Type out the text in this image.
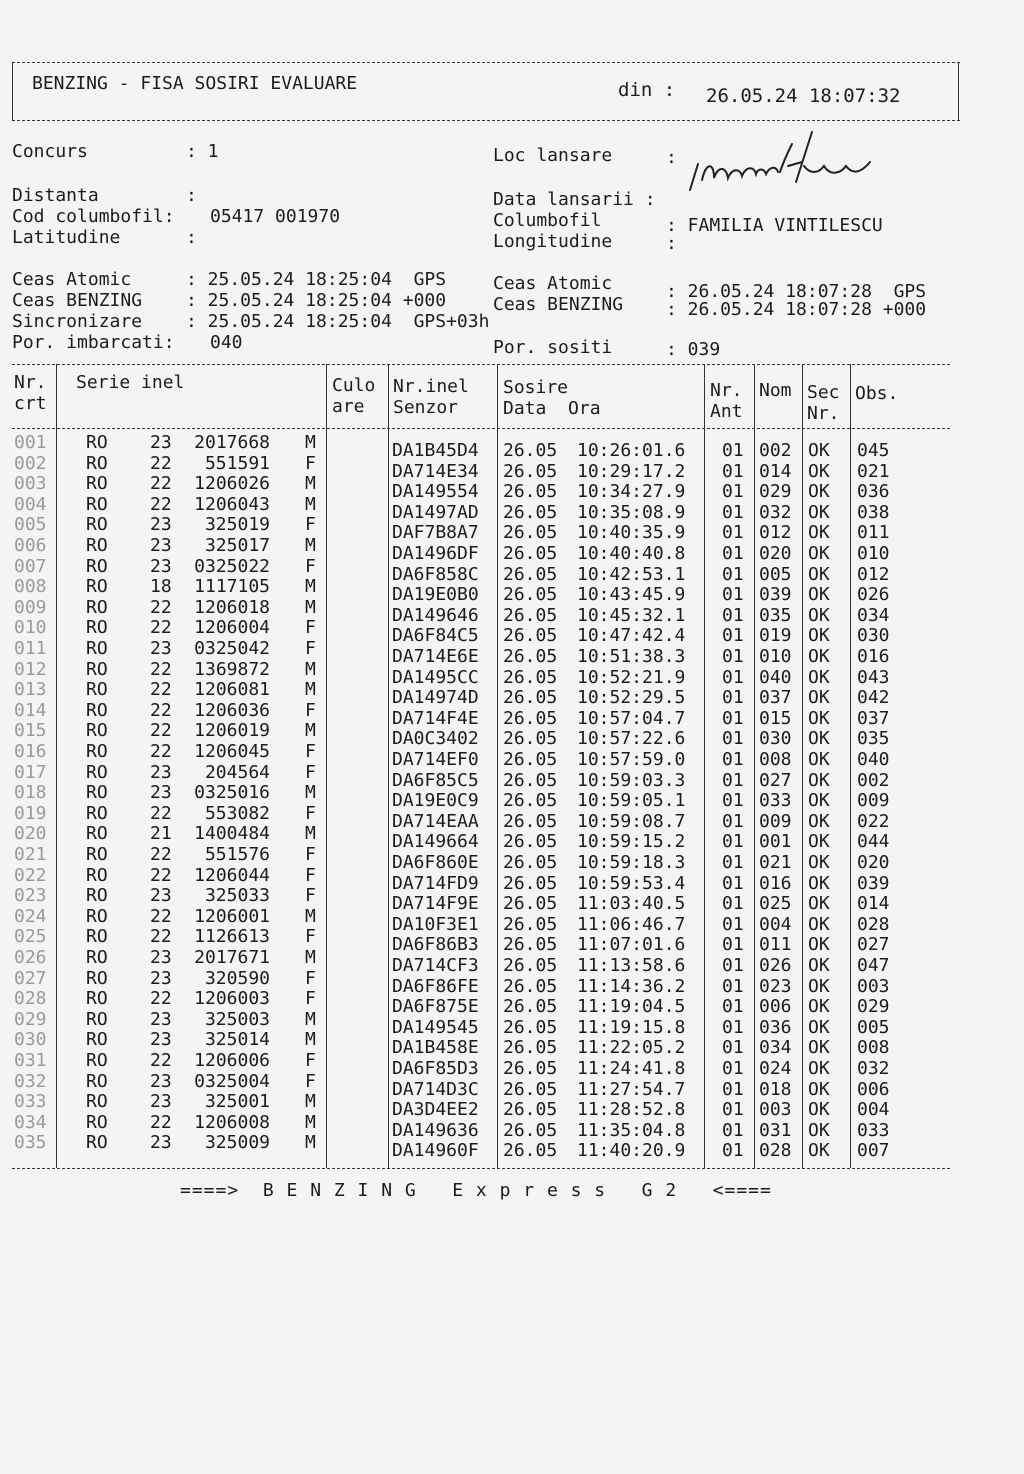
BENZING - FISA SOSIRI EVALUARE	din : 26.05.24 18:07:32
Concurs	: 1
Distanta	:
Cod columbofil: 05417 001970
Latitudine	:
Loc lansare	:
Data lansarii :
Columbofil	: FAMILIA VINTILESCU
Longitudine	:
Ceas Atomic	: 25.05.24 18:25:04  GPS
Ceas BENZING : 25.05.24 18:25:04 +000
Sincronizare : 25.05.24 18:25:04  GPS+03h
Por. imbarcati: 040
Ceas Atomic	: 26.05.24 18:07:28  GPS
Ceas BENZING : 26.05.24 18:07:28 +000
Por. sositi	: 039
Nr.
crt
Serie inel	Culo
are
Nr.inel
Senzor
Sosire
Data  Ora
Nr.
Ant
Nom Sec
Nr.
Obs.
001 RO 23	2017668 M	DA1B45D4 26.05 10:26:01.6 01 002 OK 045
002 RO 22	551591 F	DA714E34 26.05 10:29:17.2 01 014 OK 021
003 RO 22	1206026 M	DA149554 26.05 10:34:27.9 01 029 OK 036
004 RO 22	1206043 M	DA1497AD 26.05 10:35:08.9 01 032 OK 038
005 RO 23	325019 F	DAF7B8A7 26.05 10:40:35.9 01 012 OK 011
006 RO 23	325017 M	DA1496DF 26.05 10:40:40.8 01 020 OK 010
007 RO 23	0325022 F	DA6F858C 26.05 10:42:53.1 01 005 OK 012
008 RO 18	1117105 M	DA19E0B0 26.05 10:43:45.9 01 039 OK 026
009 RO 22	1206018 M	DA149646 26.05 10:45:32.1 01 035 OK 034
010 RO 22	1206004 F	DA6F84C5 26.05 10:47:42.4 01 019 OK 030
011 RO 23	0325042 F	DA714E6E 26.05 10:51:38.3 01 010 OK 016
012 RO 22	1369872 M	DA1495CC 26.05 10:52:21.9 01 040 OK 043
013 RO 22	1206081 M	DA14974D 26.05 10:52:29.5 01 037 OK 042
014 RO 22	1206036 F	DA714F4E 26.05 10:57:04.7 01 015 OK 037
015 RO 22	1206019 M	DA0C3402 26.05 10:57:22.6 01 030 OK 035
016 RO 22	1206045 F	DA714EF0 26.05 10:57:59.0 01 008 OK 040
017 RO 23	204564 F	DA6F85C5 26.05 10:59:03.3 01 027 OK 002
018 RO 23	0325016 M	DA19E0C9 26.05 10:59:05.1 01 033 OK 009
019 RO 22	553082 F	DA714EAA 26.05 10:59:08.7 01 009 OK 022
020 RO 21	1400484 M	DA149664 26.05 10:59:15.2 01 001 OK 044
021 RO 22	551576 F	DA6F860E 26.05 10:59:18.3 01 021 OK 020
022 RO 22	1206044 F	DA714FD9 26.05 10:59:53.4 01 016 OK 039
023 RO 23	325033 F	DA714F9E 26.05 11:03:40.5 01 025 OK 014
024 RO 22	1206001 M	DA10F3E1 26.05 11:06:46.7 01 004 OK 028
025 RO 22	1126613 F	DA6F86B3 26.05 11:07:01.6 01 011 OK 027
026 RO 23	2017671 M	DA714CF3 26.05 11:13:58.6 01 026 OK 047
027 RO 23	320590 F	DA6F86FE 26.05 11:14:36.2 01 023 OK 003
028 RO 22	1206003 F	DA6F875E 26.05 11:19:04.5 01 006 OK 029
029 RO 23	325003 M	DA149545 26.05 11:19:15.8 01 036 OK 005
030 RO 23	325014 M	DA1B458E 26.05 11:22:05.2 01 034 OK 008
031 RO 22	1206006 F	DA6F85D3 26.05 11:24:41.8 01 024 OK 032
032 RO 23	0325004 F	DA714D3C 26.05 11:27:54.7 01 018 OK 006
033 RO 23	325001 M	DA3D4EE2 26.05 11:28:52.8 01 003 OK 004
034 RO 22	1206008 M	DA149636 26.05 11:35:04.8 01 031 OK 033
035 RO 23	325009 M	DA14960F 26.05 11:40:20.9 01 028 OK 007
====>  B E N Z I N G   E x p r e s s   G 2   <====
